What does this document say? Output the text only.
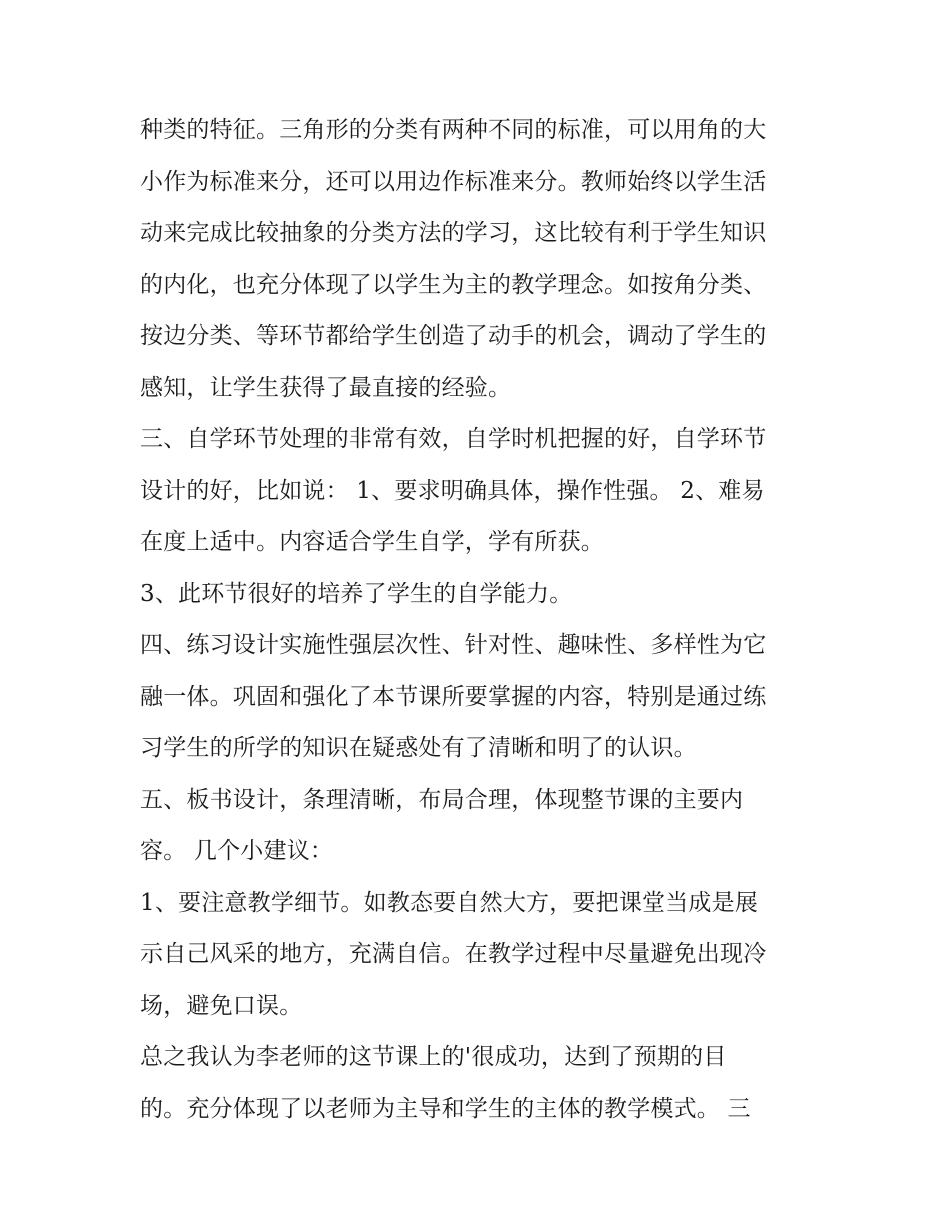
种类的特征。三角形的分类有两种不同的标准，可以用角的大
小作为标准来分，还可以用边作标准来分。教师始终以学生活
动来完成比较抽象的分类方法的学习，这比较有利于学生知识
的内化，也充分体现了以学生为主的教学理念。如按角分类、
按边分类、等环节都给学生创造了动手的机会，调动了学生的
感知，让学生获得了最直接的经验。
三、自学环节处理的非常有效，自学时机把握的好，自学环节
设计的好，比如说： 1、要求明确具体，操作性强。 2、难易
在度上适中。内容适合学生自学，学有所获。
3、此环节很好的培养了学生的自学能力。
四、练习设计实施性强层次性、针对性、趣味性、多样性为它
融一体。巩固和强化了本节课所要掌握的内容，特别是通过练
习学生的所学的知识在疑惑处有了清晰和明了的认识。
五、板书设计，条理清晰，布局合理，体现整节课的主要内
容。 几个小建议：
1、要注意教学细节。如教态要自然大方，要把课堂当成是展
示自己风采的地方，充满自信。在教学过程中尽量避免出现冷
场，避免口误。
总之我认为李老师的这节课上的'很成功，达到了预期的目
的。充分体现了以老师为主导和学生的主体的教学模式。 三
